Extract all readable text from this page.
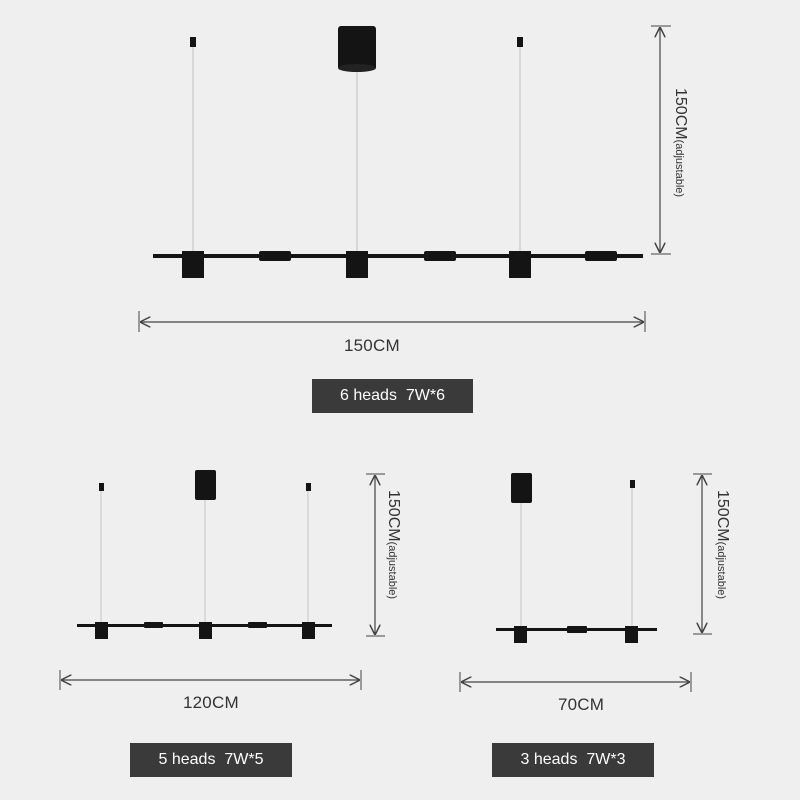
150CM
120CM	70CM
150CM(adjustable)
150CM(adjustable)
150CM(adjustable)
6 heads 7W*6
5 heads 7W*5	3 heads 7W*3
